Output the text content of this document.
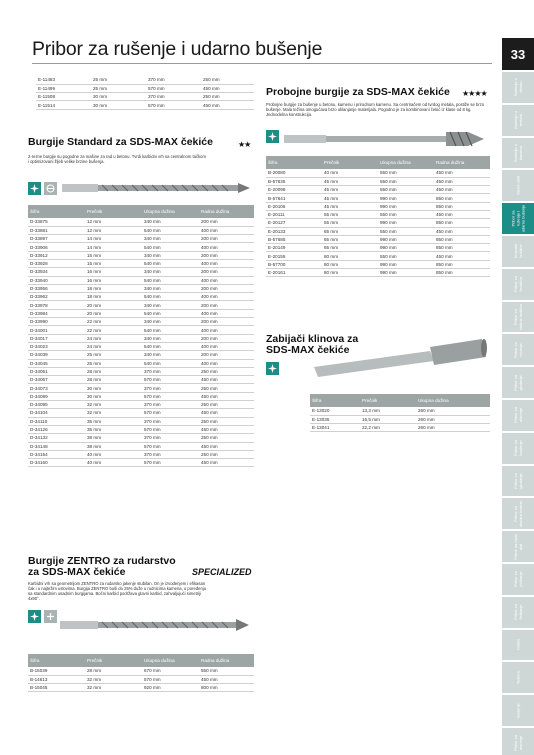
Pribor za rušenje i udarno bušenje	33
Bušenje u drvetu
Bušenje u metalu
Bušenje u kamenu
Ručni alati
Pribor za rušenje i udarno bušenje
Krunske bušilice
Pribor za brusilice
Pribor za stubne bušilice
Pribor za rezanje
Pribor za glodanje
Pribor za oštrenje
Pribor za brušenje
Pribor za glodanje
Pribor za ubodnu testeru
Pribor za multi alat
Pribor za poliranje
Pribor za četkanje
Ostalo
Testere
Bušenje
Pribor za merenje
E-11483	25 mm	370 mm	250 mm
E-11499	25 mm	570 mm	450 mm
E-11508	30 mm	370 mm	250 mm
E-11514	30 mm	570 mm	450 mm
Burgije Standard za SDS-MAX čekiće	★★
2-rezne burgije su pogodne za mašine za rad u betonu. Tvrdi karbidni vrh sa centralnom tačkom i optimizovani žljeb velike brzine bušenja.
Šifra	Prečnik	Ukupna dužina	Radna dužina
D-33875	12 mm	340 mm	200 mm
D-33881	12 mm	540 mm	400 mm
D-33897	14 mm	340 mm	200 mm
D-33906	14 mm	540 mm	400 mm
D-33912	15 mm	340 mm	200 mm
D-33928	15 mm	540 mm	400 mm
D-33934	16 mm	340 mm	200 mm
D-33940	16 mm	540 mm	400 mm
D-33956	18 mm	340 mm	200 mm
D-33962	18 mm	540 mm	400 mm
D-33978	20 mm	340 mm	200 mm
D-33984	20 mm	540 mm	400 mm
D-33990	22 mm	340 mm	200 mm
D-34001	22 mm	540 mm	400 mm
D-34017	24 mm	340 mm	200 mm
D-34023	24 mm	540 mm	400 mm
D-34039	25 mm	340 mm	200 mm
D-34045	25 mm	540 mm	400 mm
D-34051	28 mm	370 mm	250 mm
D-34067	28 mm	570 mm	450 mm
D-34073	30 mm	370 mm	250 mm
D-34089	30 mm	570 mm	450 mm
D-34095	32 mm	370 mm	250 mm
D-34104	32 mm	570 mm	450 mm
D-34110	35 mm	370 mm	250 mm
D-34126	35 mm	570 mm	450 mm
D-34132	38 mm	370 mm	250 mm
D-34148	38 mm	570 mm	450 mm
D-34154	40 mm	370 mm	250 mm
D-34160	40 mm	570 mm	450 mm
Burgije ZENTRO za rudarstvo
za SDS-MAX čekiće	SPECIALIZED
Karbidni vrh sa geometrijom ZENTRO za rudarsko jakenje stubilan. On je izvođenjem i efikasan čak i u najtežim uslovima. Burgija ZENTRO buši do 25% duže u rudnicima kamena, u poređenju sa standardnim usadnim burgijama. Bočni karbid podržava glavni karbid, zahvaljujući simetriji 4x90°.
Šifra	Prečnik	Ukupna dužina	Radna dužina
B-15039	28 mm	670 mm	550 mm
B-14613	32 mm	570 mm	450 mm
B-15045	32 mm	920 mm	800 mm
Probojne burgije za SDS-MAX čekiće ★★★★
Probojne burgije za bušenje u betonu, kamenu i prirodnom kamenu. Sa centriračem od tvrdog metala, postiže se brzo bušenje. Mala težina omogućava brzo uklanjanje materijala. Pogodno je za kombinovani čekić iz klase od 8 kg. Jednodelna konstrukcija.
Šifra	Prečnik	Ukupna dužina	Radna dužina
B-20080	40 mm	550 mm	450 mm
B-57635	45 mm	550 mm	450 mm
E-20098	45 mm	550 mm	450 mm
B-57641	45 mm	990 mm	850 mm
E-20105	45 mm	990 mm	850 mm
E-20111	55 mm	550 mm	450 mm
E-20127	55 mm	990 mm	850 mm
E-20133	65 mm	550 mm	450 mm
B-57685	65 mm	990 mm	850 mm
E-20149	65 mm	990 mm	850 mm
E-20155	80 mm	550 mm	450 mm
B-57700	80 mm	990 mm	850 mm
E-20161	80 mm	990 mm	850 mm
Zabijači klinova za
SDS-MAX čekiće
Šifra	Prečnik	Ukupna dužina
E-13020	13,3 mm	260 mm
E-13035	16,5 mm	260 mm
E-13041	22,2 mm	260 mm
